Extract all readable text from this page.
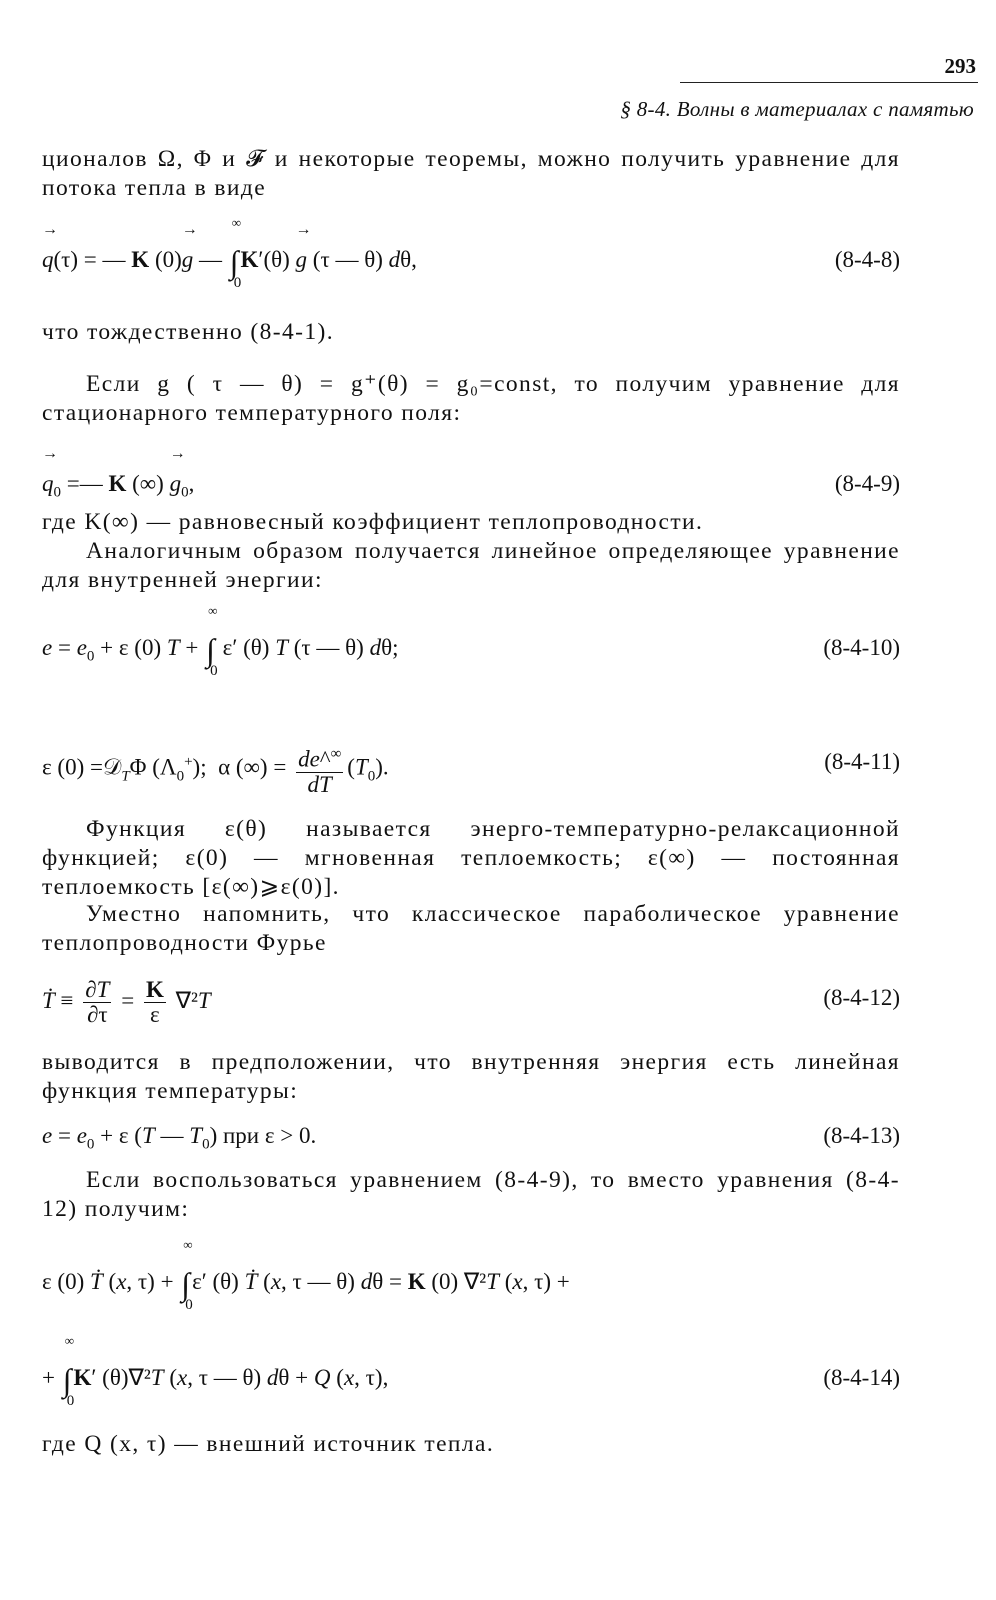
293
§ 8-4. Волны в материалах с памятью

ционалов Ω, Φ и 𝓕 и некоторые теоремы, можно получить уравнение для потока тепла в виде

→ q(τ) = — K (0)→ g —
∞
∫
0
K′(θ) → g (τ — θ) dθ,	(8-4-8)

что тождественно (8-4-1).

Если g ( τ — θ) = g⁺(θ) = g₀=const, то получим уравнение для стационарного температурного поля:

→ $q_0$ =— K (∞) → $g_0$,	(8-4-9)

где K(∞) — равновесный коэффициент теплопроводности.

Аналогичным образом получается линейное определяющее уравнение для внутренней энергии:

$e = e_0 + \varepsilon$ (0) T +
∞
∫
0
ε′ (θ) T (τ — θ) dθ;	(8-4-10)
ε (0) =𝒟$_T$Φ $(\Lambda_0^+)$;  α (∞) = $\frac{de\^{}^\infty}{dT} (T_0)$.	(8-4-11)

Функция ε(θ) называется энерго-температурно-релаксационной функцией; ε(0) — мгновенная теплоемкость; ε(∞) — постоянная теплоемкость [ε(∞)⩾ε(0)].

Уместно напомнить, что классическое параболическое уравнение теплопроводности Фурье

Ṫ ≡ $\frac{\partial T}{\partial\tau} = \frac{K}{\varepsilon} \nabla^2T$	(8-4-12)

выводится в предположении, что внутренняя энергия есть линейная функция температуры:

$e = e_0 + \varepsilon$ (T — $T_0$) при ε > 0.	(8-4-13)

Если воспользоваться уравнением (8-4-9), то вместо уравнения (8-4-12) получим:

ε (0) Ṫ (x, τ) +
∞
∫
0
ε′ (θ) Ṫ (x, τ — θ) dθ = K (0) ∇²T (x, τ) +
+
∞
∫
0
K′ (θ)∇²T (x, τ — θ) dθ + Q (x, τ),	(8-4-14)

где Q (x, τ) — внешний источник тепла.
